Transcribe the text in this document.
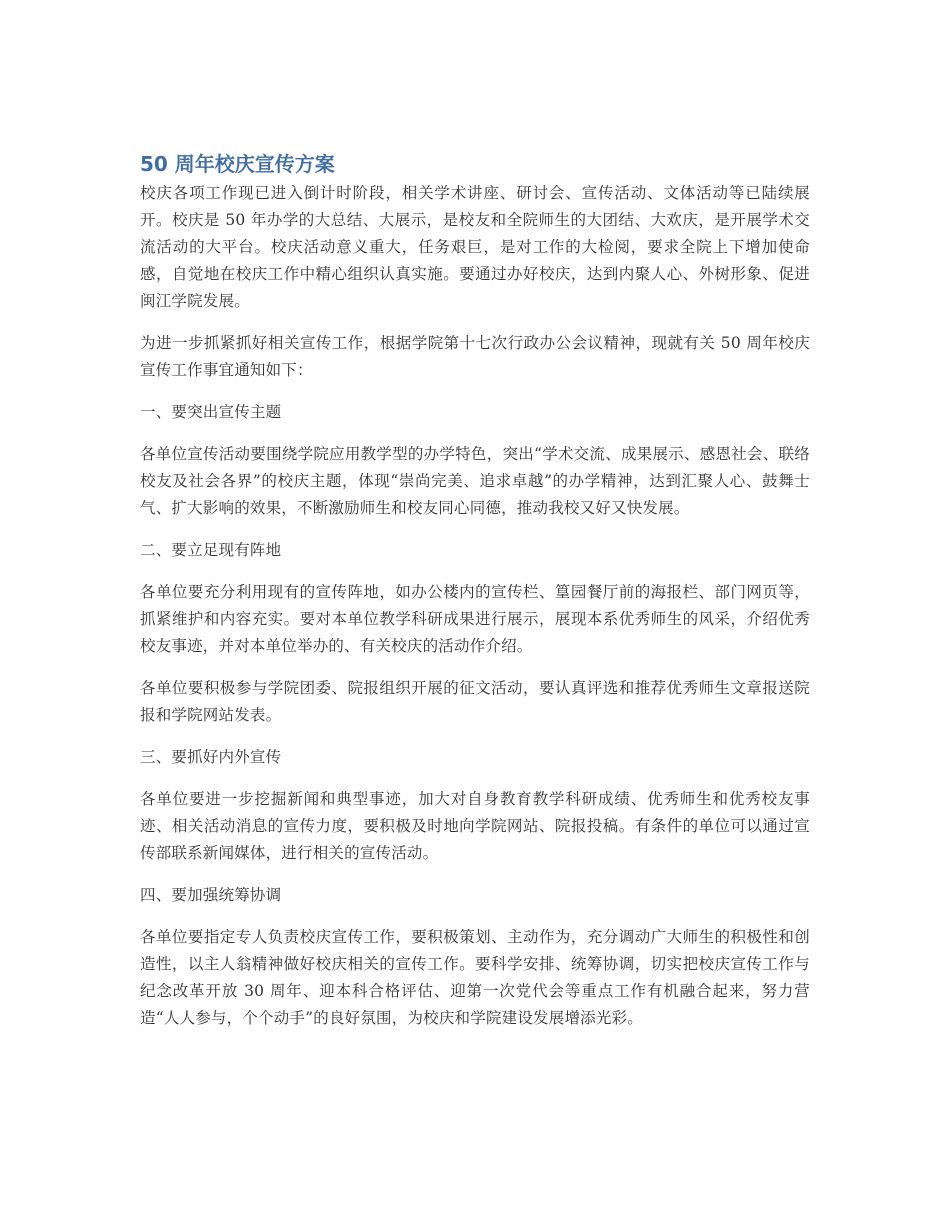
50 周年校庆宣传方案

校庆各项工作现已进入倒计时阶段，相关学术讲座、研讨会、宣传活动、文体活动等已陆续展开。校庆是 50 年办学的大总结、大展示，是校友和全院师生的大团结、大欢庆，是开展学术交流活动的大平台。校庆活动意义重大，任务艰巨，是对工作的大检阅，要求全院上下增加使命感，自觉地在校庆工作中精心组织认真实施。要通过办好校庆，达到内聚人心、外树形象、促进闽江学院发展。

为进一步抓紧抓好相关宣传工作，根据学院第十七次行政办公会议精神，现就有关 50 周年校庆宣传工作事宜通知如下：

一、要突出宣传主题

各单位宣传活动要围绕学院应用教学型的办学特色，突出“学术交流、成果展示、感恩社会、联络校友及社会各界”的校庆主题，体现“崇尚完美、追求卓越”的办学精神，达到汇聚人心、鼓舞士气、扩大影响的效果，不断激励师生和校友同心同德，推动我校又好又快发展。

二、要立足现有阵地

各单位要充分利用现有的宣传阵地，如办公楼内的宣传栏、篁园餐厅前的海报栏、部门网页等，抓紧维护和内容充实。要对本单位教学科研成果进行展示，展现本系优秀师生的风采，介绍优秀校友事迹，并对本单位举办的、有关校庆的活动作介绍。

各单位要积极参与学院团委、院报组织开展的征文活动，要认真评选和推荐优秀师生文章报送院报和学院网站发表。

三、要抓好内外宣传

各单位要进一步挖掘新闻和典型事迹，加大对自身教育教学科研成绩、优秀师生和优秀校友事迹、相关活动消息的宣传力度，要积极及时地向学院网站、院报投稿。有条件的单位可以通过宣传部联系新闻媒体，进行相关的宣传活动。

四、要加强统筹协调

各单位要指定专人负责校庆宣传工作，要积极策划、主动作为，充分调动广大师生的积极性和创造性，以主人翁精神做好校庆相关的宣传工作。要科学安排、统筹协调，切实把校庆宣传工作与纪念改革开放 30 周年、迎本科合格评估、迎第一次党代会等重点工作有机融合起来，努力营造“人人参与，个个动手”的良好氛围，为校庆和学院建设发展增添光彩。
